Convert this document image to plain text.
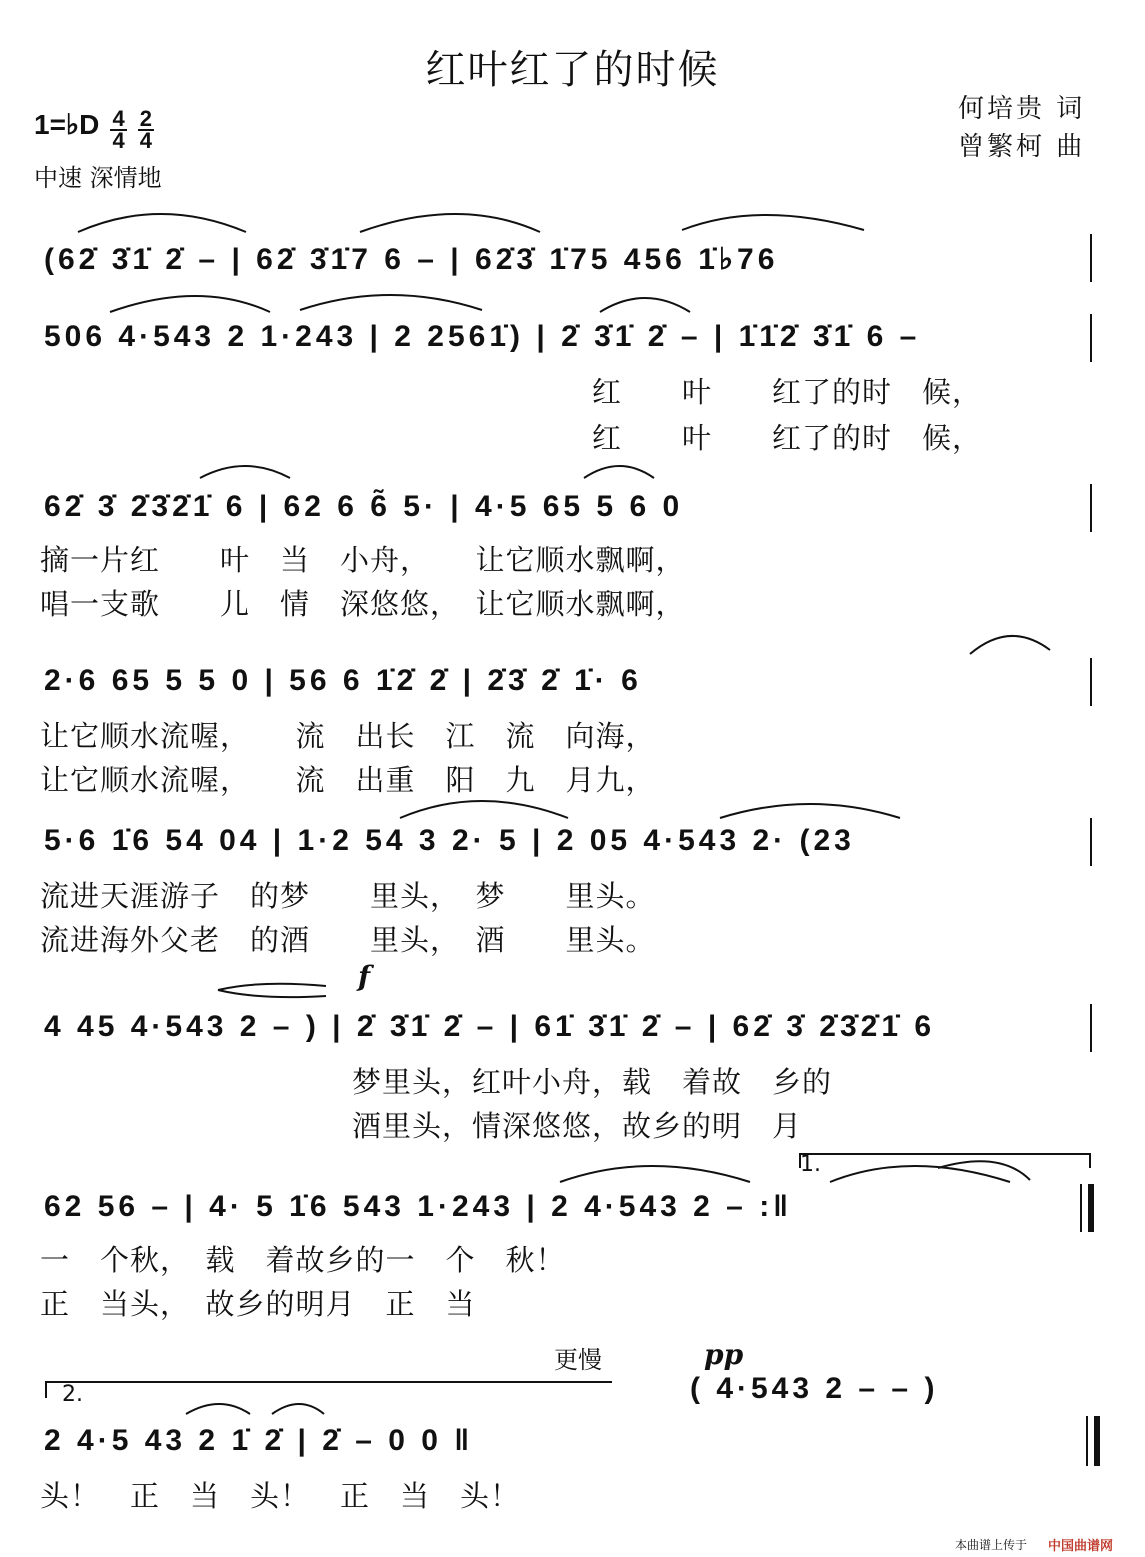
红叶红了的时候
何培贵 词
曾繁柯 曲
1=♭D $\frac{4}{4}$
$\frac{2}{4}$
中速 深情地
(62̇ 3̇1̇ 2̇ – | 62̇ 3̇1̇7 6 – | 62̇3̇ 1̇75 456 1̇♭76
506 4·543 2 1·243 | 2 2561̇) | 2̇ 3̇1̇ 2̇ – | 1̇1̇2̇ 3̇1̇ 6 –
红　　叶　　红了的时　候，
红　　叶　　红了的时　候，
62̇ 3̇ 2̇3̇2̇1̇ 6 | 62 6 6̃ 5· | 4·5 65 5 6 0
摘一片红　　叶　当　小舟，　　让它顺水飘啊，
唱一支歌　　儿　情　深悠悠，　让它顺水飘啊，
2·6 65 5 5 0 | 56 6 1̇2̇ 2̇ | 2̇3̇ 2̇ 1̇· 6
让它顺水流喔，　　流　出长　江　流　向海，
让它顺水流喔，　　流　出重　阳　九　月九，
5·6 1̇6 54 04 | 1·2 54 3 2· 5 | 2 05 4·543 2· (23
流进天涯游子　的梦　　里头，　梦　　里头。
流进海外父老　的酒　　里头，　酒　　里头。
f
4 45 4·543 2 – ) | 2̇ 3̇1̇ 2̇ – | 61̇ 3̇1̇ 2̇ – | 62̇ 3̇ 2̇3̇2̇1̇ 6
梦里头，红叶小舟，载　着故　乡的
酒里头，情深悠悠，故乡的明　月
1.
62 56 – | 4· 5 1̇6 543 1·243 | 2 4·543 2 – :‖
一　个秋，　载　着故乡的一　个　秋！
正　当头，　故乡的明月　正　当
更慢	pp
2.	( 4·543 2 – – )
2 4·5 43 2 1̇ 2̇ | 2̇ – 0 0 ‖
头！　正　当　头！　正　当　头！
本曲谱上传于 中国曲谱网
